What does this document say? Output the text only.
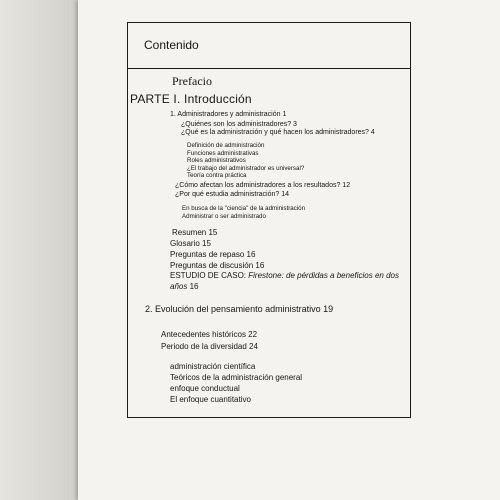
Contenido
Prefacio
PARTE I. Introducción
1. Administradores y administración 1
¿Quiénes son los administradores? 3
¿Qué es la administración y qué hacen los administradores? 4
Definición de administración
Funciones administrativas
Roles administrativos
¿El trabajo del administrador es universal?
Teoría contra práctica
¿Cómo afectan los administradores a los resultados? 12
¿Por qué estudia administración? 14
En busca de la "ciencia" de la administración
Administrar o ser administrado
Resumen 15
Glosario 15
Preguntas de repaso 16
Preguntas de discusión 16
ESTUDIO DE CASO: Firestone: de pérdidas a beneficios en dos
años 16
2. Evolución del pensamiento administrativo 19
Antecedentes históricos 22
Periodo de la diversidad 24
administración científica
Teóricos de la administración general
enfoque conductual
El enfoque cuantitativo
